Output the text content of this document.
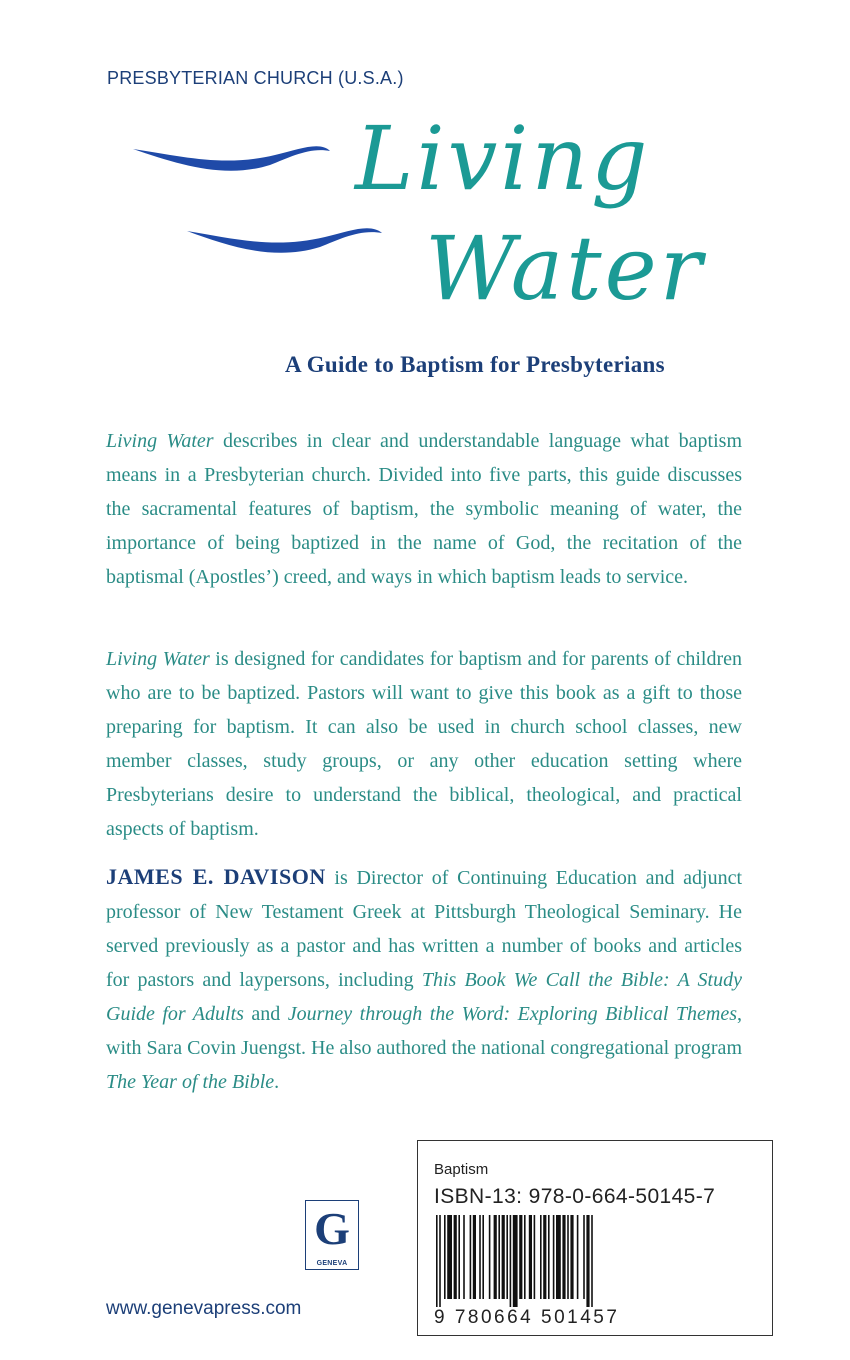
PRESBYTERIAN CHURCH (U.S.A.)
Living
Water
A Guide to Baptism for Presbyterians

Living Water describes in clear and understandable language what baptism means in a Presbyterian church. Divided into five parts, this guide discusses the sacramental features of baptism, the symbolic meaning of water, the importance of being baptized in the name of God, the recitation of the baptismal (Apostles’) creed, and ways in which baptism leads to service.

Living Water is designed for candidates for baptism and for parents of children who are to be baptized. Pastors will want to give this book as a gift to those preparing for baptism. It can also be used in church school classes, new member classes, study groups, or any other education setting where Presbyterians desire to understand the biblical, theological, and practical aspects of baptism.

JAMES E. DAVISON is Director of Continuing Education and adjunct professor of New Testament Greek at Pittsburgh Theological Seminary. He served previously as a pastor and has written a number of books and articles for pastors and laypersons, including This Book We Call the Bible: A Study Guide for Adults and Journey through the Word: Exploring Biblical Themes, with Sara Covin Juengst. He also authored the national congregational program The Year of the Bible.

G
GENEVA
www.genevapress.com
Baptism
ISBN-13: 978-0-664-50145-7
9 780664 501457
